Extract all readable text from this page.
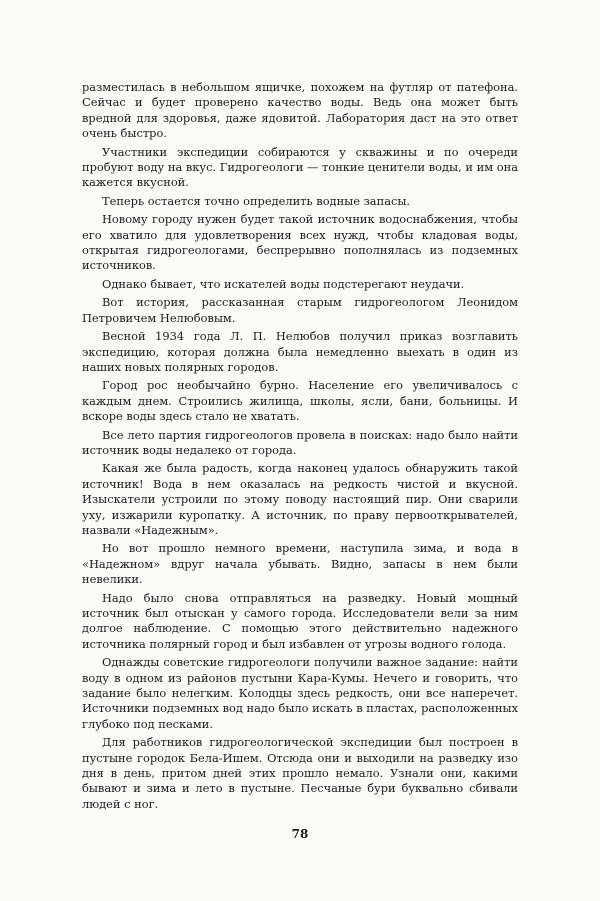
разместилась в небольшом ящичке, похожем на футляр от патефона. Сейчас и будет проверено качество воды. Ведь она может быть вредной для здоровья, даже ядовитой. Лаборатория даст на это ответ очень быстро.

Участники экспедиции собираются у скважины и по очереди пробуют воду на вкус. Гидрогеологи — тонкие ценители воды, и им она кажется вкусной.

Теперь остается точно определить водные запасы.

Новому городу нужен будет такой источник водоснабжения, чтобы его хватило для удовлетворения всех нужд, чтобы кладовая воды, открытая гидрогеологами, беспрерывно пополнялась из подземных источников.

Однако бывает, что искателей воды подстерегают неудачи.

Вот история, рассказанная старым гидрогеологом Леонидом Петровичем Нелюбовым.

Весной 1934 года Л. П. Нелюбов получил приказ возглавить экспедицию, которая должна была немедленно выехать в один из наших новых полярных городов.

Город рос необычайно бурно. Население его увеличивалось с каждым днем. Строились жилища, школы, ясли, бани, больницы. И вскоре воды здесь стало не хватать.

Все лето партия гидрогеологов провела в поисках: надо было найти источник воды недалеко от города.

Какая же была радость, когда наконец удалось обнаружить такой источник! Вода в нем оказалась на редкость чистой и вкусной. Изыскатели устроили по этому поводу настоящий пир. Они сварили уху, изжарили куропатку. А источник, по праву первооткрывателей, назвали «Надежным».

Но вот прошло немного времени, наступила зима, и вода в «Надежном» вдруг начала убывать. Видно, запасы в нем были невелики.

Надо было снова отправляться на разведку. Новый мощный источник был отыскан у самого города. Исследователи вели за ним долгое наблюдение. С помощью этого действительно надежного источника полярный город и был избавлен от угрозы водного голода.

Однажды советские гидрогеологи получили важное задание: найти воду в одном из районов пустыни Кара-Кумы. Нечего и говорить, что задание было нелегким. Колодцы здесь редкость, они все наперечет. Источники подземных вод надо было искать в пластах, расположенных глубоко под песками.

Для работников гидрогеологической экспедиции был построен в пустыне городок Бела-Ишем. Отсюда они и выходили на разведку изо дня в день, притом дней этих прошло немало. Узнали они, какими бывают и зима и лето в пустыне. Песчаные бури буквально сбивали людей с ног.

78
